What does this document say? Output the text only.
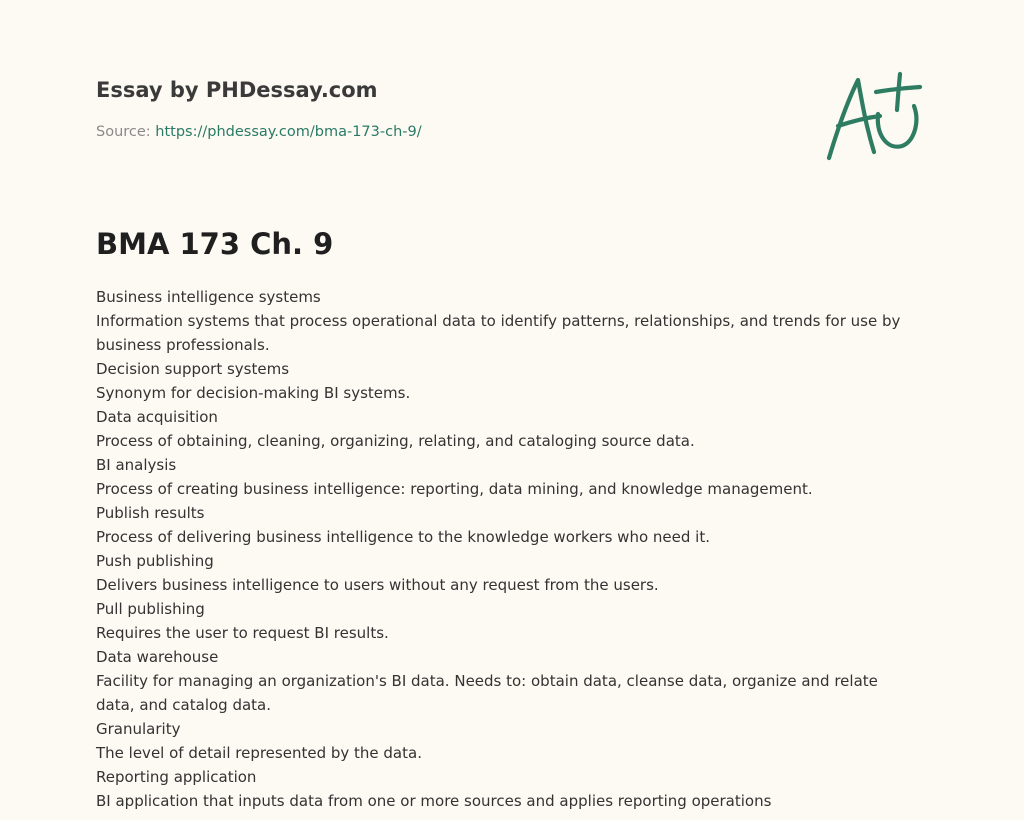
Essay by PHDessay.com
Source: https://phdessay.com/bma-173-ch-9/
BMA 173 Ch. 9

Business intelligence systems

Information systems that process operational data to identify patterns, relationships, and trends for use by business professionals.

Decision support systems

Synonym for decision-making BI systems.

Data acquisition

Process of obtaining, cleaning, organizing, relating, and cataloging source data.

BI analysis

Process of creating business intelligence: reporting, data mining, and knowledge management.

Publish results

Process of delivering business intelligence to the knowledge workers who need it.

Push publishing

Delivers business intelligence to users without any request from the users.

Pull publishing

Requires the user to request BI results.

Data warehouse

Facility for managing an organization's BI data. Needs to: obtain data, cleanse data, organize and relate data, and catalog data.

Granularity

The level of detail represented by the data.

Reporting application

BI application that inputs data from one or more sources and applies reporting operations
